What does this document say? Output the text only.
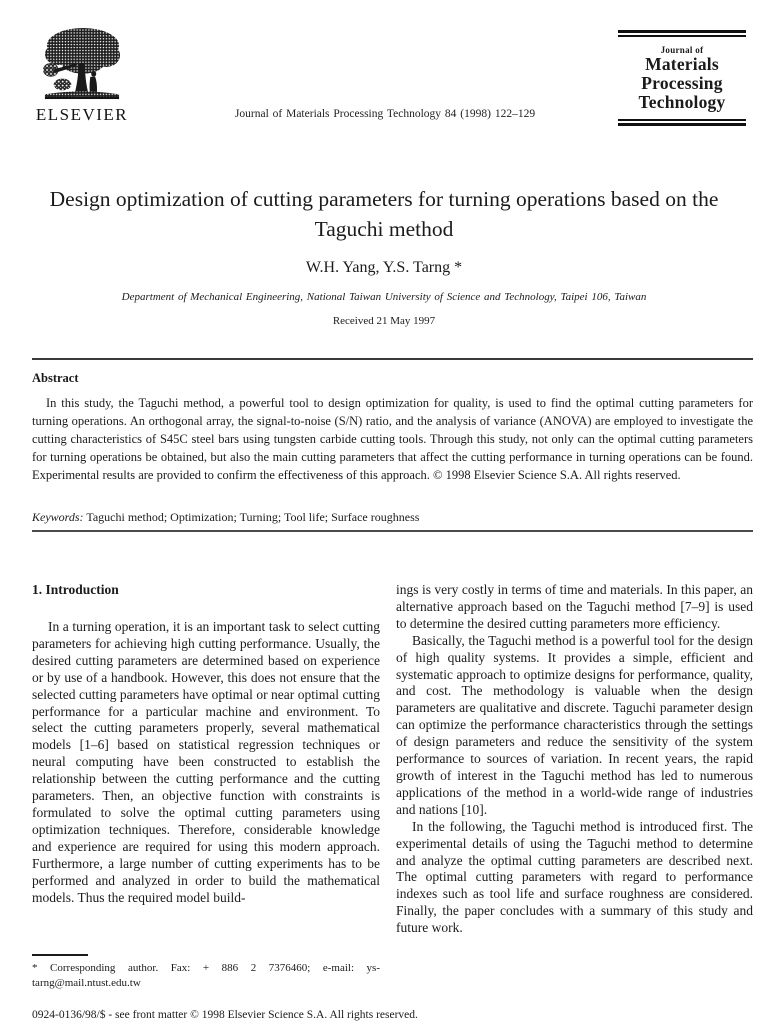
ELSEVIER	Journal of Materials Processing Technology 84 (1998) 122–129
Journal of
Materials
Processing
Technology
Design optimization of cutting parameters for turning operations based on the Taguchi method
W.H. Yang, Y.S. Tarng *
Department of Mechanical Engineering, National Taiwan University of Science and Technology, Taipei 106, Taiwan
Received 21 May 1997
Abstract

In this study, the Taguchi method, a powerful tool to design optimization for quality, is used to find the optimal cutting parameters for turning operations. An orthogonal array, the signal-to-noise (S/N) ratio, and the analysis of variance (ANOVA) are employed to investigate the cutting characteristics of S45C steel bars using tungsten carbide cutting tools. Through this study, not only can the optimal cutting parameters for turning operations be obtained, but also the main cutting parameters that affect the cutting performance in turning operations can be found. Experimental results are provided to confirm the effectiveness of this approach. © 1998 Elsevier Science S.A. All rights reserved.

Keywords: Taguchi method; Optimization; Turning; Tool life; Surface roughness
1. Introduction

In a turning operation, it is an important task to select cutting parameters for achieving high cutting performance. Usually, the desired cutting parameters are determined based on experience or by use of a handbook. However, this does not ensure that the selected cutting parameters have optimal or near optimal cutting performance for a particular machine and environment. To select the cutting parameters properly, several mathematical models [1–6] based on statistical regression techniques or neural computing have been constructed to establish the relationship between the cutting performance and the cutting parameters. Then, an objective function with constraints is formulated to solve the optimal cutting parameters using optimization techniques. Therefore, considerable knowledge and experience are required for using this modern approach. Furthermore, a large number of cutting experiments has to be performed and analyzed in order to build the mathematical models. Thus the required model build-

ings is very costly in terms of time and materials. In this paper, an alternative approach based on the Taguchi method [7–9] is used to determine the desired cutting parameters more efficiency.

Basically, the Taguchi method is a powerful tool for the design of high quality systems. It provides a simple, efficient and systematic approach to optimize designs for performance, quality, and cost. The methodology is valuable when the design parameters are qualitative and discrete. Taguchi parameter design can optimize the performance characteristics through the settings of design parameters and reduce the sensitivity of the system performance to sources of variation. In recent years, the rapid growth of interest in the Taguchi method has led to numerous applications of the method in a world-wide range of industries and nations [10].

In the following, the Taguchi method is introduced first. The experimental details of using the Taguchi method to determine and analyze the optimal cutting parameters are described next. The optimal cutting parameters with regard to performance indexes such as tool life and surface roughness are considered. Finally, the paper concludes with a summary of this study and future work.

* Corresponding author. Fax: + 886 2 7376460; e-mail: ys-tarng@mail.ntust.edu.tw
0924-0136/98/$ - see front matter © 1998 Elsevier Science S.A. All rights reserved.
